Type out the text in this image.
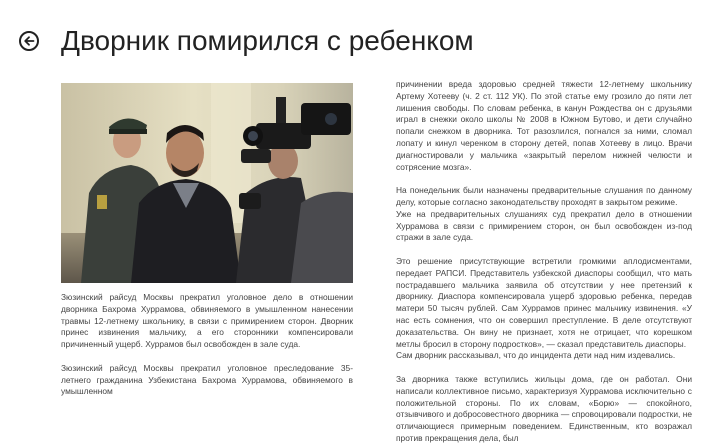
Дворник помирился с ребенком

Зюзинский райсуд Москвы прекратил уголовное дело в отношении дворника Бахрома Хуррамова, обвиняемого в умышленном нанесении травмы 12-летнему школьнику, в связи с примирением сторон. Дворник принес извинения мальчику, а его сторонники компенсировали причиненный ущерб. Хуррамов был освобожден в зале суда.

Зюзинский райсуд Москвы прекратил уголовное преследование 35-летнего гражданина Узбекистана Бахрома Хуррамова, обвиняемого в умышленном

причинении вреда здоровью средней тяжести 12-летнему школьнику Артему Хотееву (ч. 2 ст. 112 УК). По этой статье ему грозило до пяти лет лишения свободы. По словам ребенка, в канун Рождества он с друзьями играл в снежки около школы № 2008 в Южном Бутово, и дети случайно попали снежком в дворника. Тот разозлился, погнался за ними, сломал лопату и кинул черенком в сторону детей, попав Хотееву в лицо. Врачи диагностировали у мальчика «закрытый перелом нижней челюсти и сотрясение мозга».

На понедельник были назначены предварительные слушания по данному делу, которые согласно законодательству проходят в закрытом режиме.
Уже на предварительных слушаниях суд прекратил дело в отношении Хуррамова в связи с примирением сторон, он был освобожден из-под стражи в зале суда.

Это решение присутствующие встретили громкими аплодисментами, передает РАПСИ. Представитель узбекской диаспоры сообщил, что мать пострадавшего мальчика заявила об отсутствии у нее претензий к дворнику. Диаспора компенсировала ущерб здоровью ребенка, передав матери 50 тысяч рублей. Сам Хуррамов принес мальчику извинения. «У нас есть сомнения, что он совершил преступление. В деле отсутствуют доказательства. Он вину не признает, хотя не отрицает, что корешком метлы бросил в сторону подростков», — сказал представитель диаспоры.
Сам дворник рассказывал, что до инцидента дети над ним издевались.

За дворника также вступились жильцы дома, где он работал. Они написали коллективное письмо, характеризуя Хуррамова исключительно с положительной стороны. По их словам, «Борю» — спокойного, отзывчивого и добросовестного дворника — спровоцировали подростки, не отличающиеся примерным поведением. Единственным, кто возражал против прекращения дела, был
